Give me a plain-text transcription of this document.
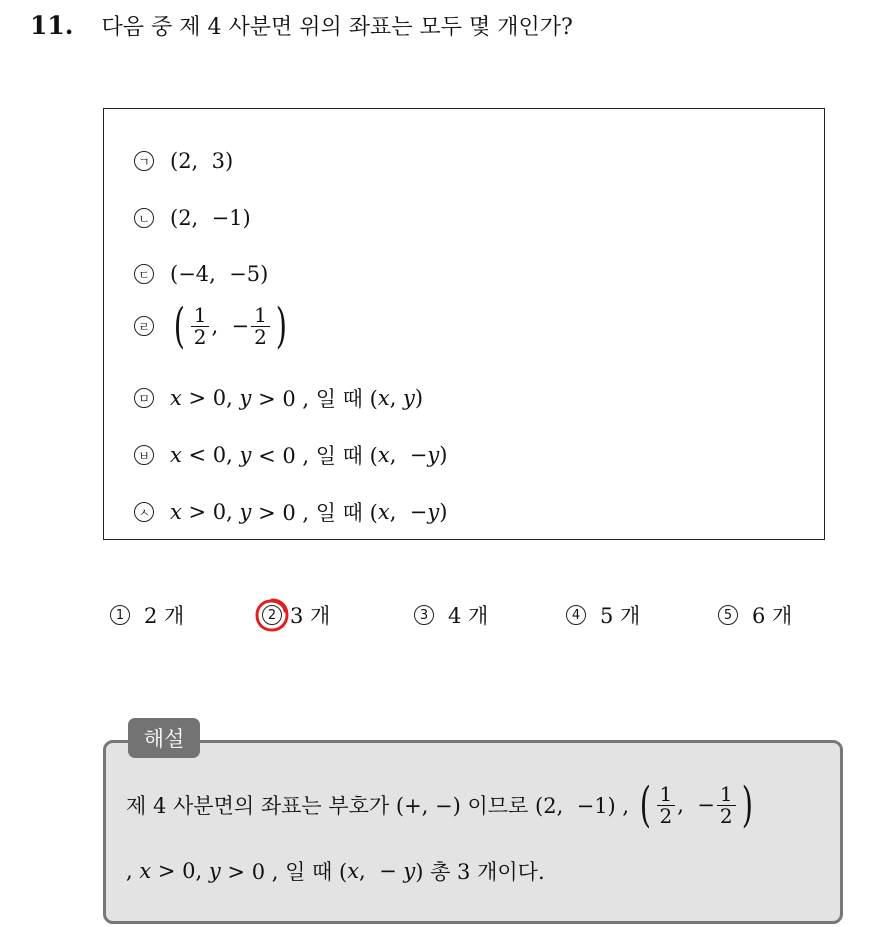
11. 다음 중 제 4 사분면 위의 좌표는 모두 몇 개인가?
ㄱ (2,  3)
ㄴ (2,  −1)
ㄷ (−4,  −5)
ㄹ ( $\frac{1}{2}$ ,  − $\frac{1}{2}$ )
ㅁ x > 0, y > 0 , 일 때 ( x , y )
ㅂ x < 0, y < 0 , 일 때 ( x ,  − y )
ㅅ x > 0, y > 0 , 일 때 ( x ,  − y )
1 2 개	2 3 개	3 4 개	4 5 개	5 6 개
해설
제 4 사분면의 좌표는 부호가 (+, −) 이므로 (2,  −1) , ( $\frac{1}{2}$ ,  − $\frac{1}{2}$ )
, x > 0, y > 0 , 일 때 ( x ,  − y ) 총 3 개이다.
